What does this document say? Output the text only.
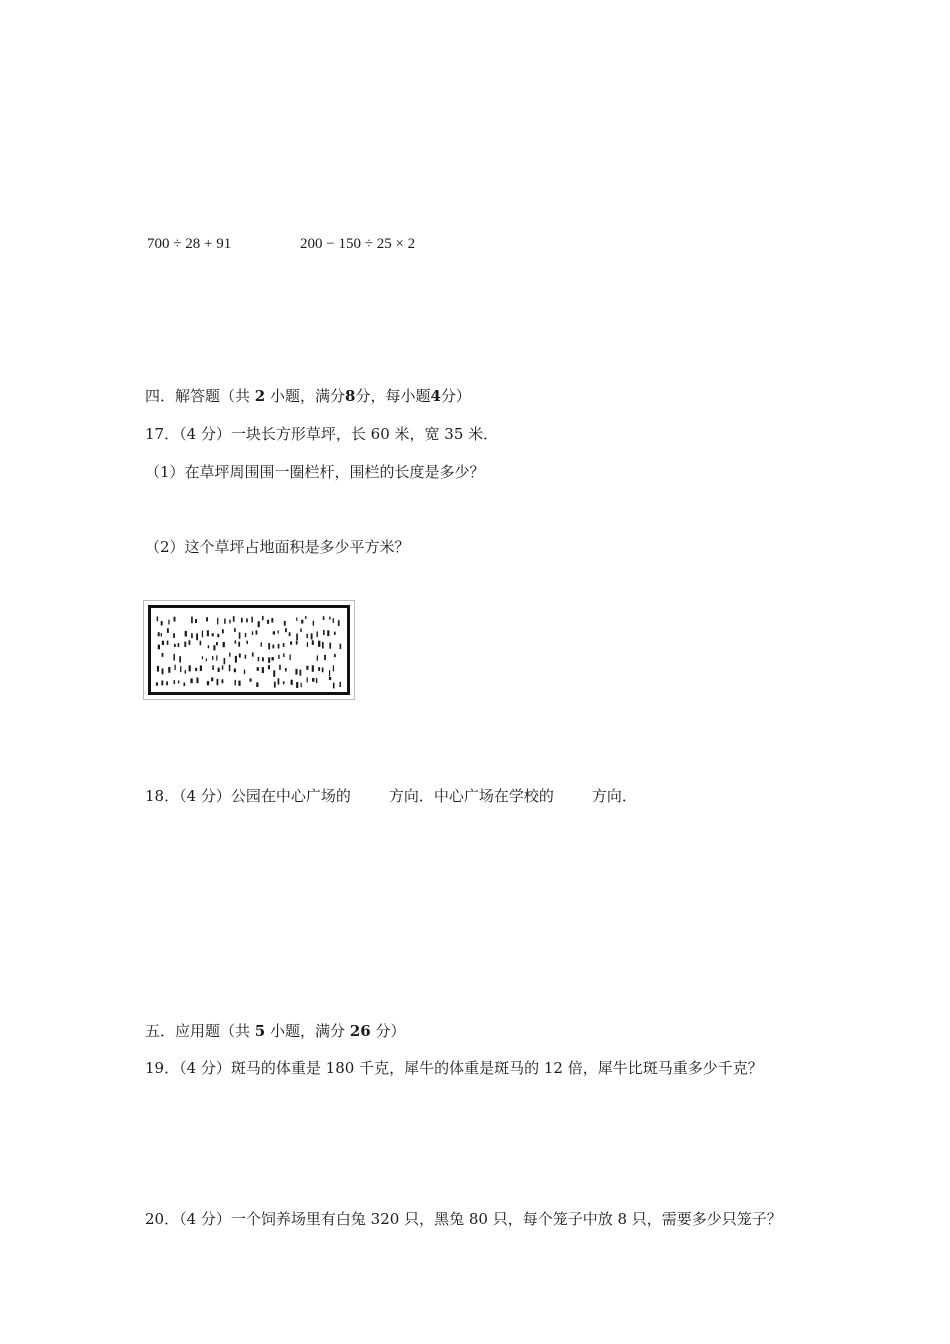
700 ÷ 28 + 91	200 − 150 ÷ 25 × 2
四．解答题（共 2 小题，满分8分，每小题4分）
17．（4 分）一块长方形草坪，长 60 米，宽 35 米．
（1）在草坪周围围一圈栏杆，围栏的长度是多少？
（2）这个草坪占地面积是多少平方米？
18．（4 分）公园在中心广场的	方向．中心广场在学校的	方向．
五．应用题（共 5 小题，满分 26 分）
19．（4 分）斑马的体重是 180 千克，犀牛的体重是斑马的 12 倍，犀牛比斑马重多少千克？
20．（4 分）一个饲养场里有白兔 320 只，黑兔 80 只，每个笼子中放 8 只，需要多少只笼子？
